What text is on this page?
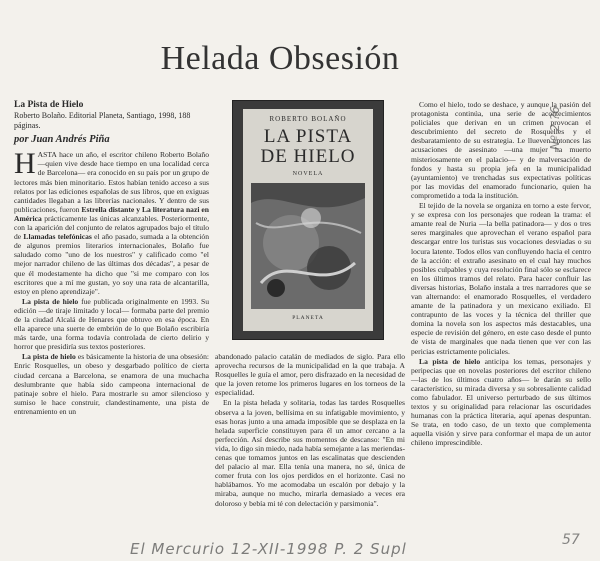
Helada Obsesión
La Pista de Hielo

Roberto Bolaño. Editorial Planeta, Santiago, 1998, 188 páginas.

por Juan Andrés Piña

HASTA hace un año, el escritor chileno Roberto Bolaño —quien vive desde hace tiempo en una localidad cerca de Barcelona— era conocido en su país por un grupo de lectores más bien minoritario. Estos habían tenido acceso a sus relatos por las ediciones españolas de sus libros, que en exiguas cantidades llegaban a las librerías nacionales. Y dentro de sus publicaciones, fueron Estrella distante y La literatura nazi en América prácticamente las únicas alcanzables. Posteriormente, con la aparición del conjunto de relatos agrupados bajo el título de Llamadas telefónicas el año pasado, sumada a la obtención de algunos premios literarios internacionales, Bolaño fue saludado como "uno de los nuestros" y calificado como "el mejor narrador chileno de las últimas dos décadas", a pesar de que él modestamente ha dicho que "si me comparo con los escritores que a mí me gustan, yo soy una rata de alcantarilla, estoy en pleno aprendizaje".

La pista de hielo fue publicada originalmente en 1993. Su edición —de tiraje limitado y local— formaba parte del premio de la ciudad Alcalá de Henares que obtuvo en esa época. En ella aparece una suerte de embrión de lo que Bolaño escribiría más tarde, una forma todavía controlada de cierto delirio y horror que presidiría sus textos posteriores.

La pista de hielo es básicamente la historia de una obsesión: Enric Rosquelles, un obeso y desgarbado político de cierta ciudad cercana a Barcelona, se enamora de una muchacha deslumbrante que había sido campeona internacional de patinaje sobre el hielo. Para mostrarle su amor silencioso y sumiso le hace construir, clandestinamente, una pista de entrenamiento en un

ROBERTO BOLAÑO
LA PISTA
DE HIELO
NOVELA
PLANETA

abandonado palacio catalán de mediados de siglo. Para ello aprovecha recursos de la municipalidad en la que trabaja. A Rosquelles le guía el amor, pero disfrazado en la necesidad de que la joven retome los primeros lugares en los torneos de la especialidad.

En la pista helada y solitaria, todas las tardes Rosquelles observa a la joven, bellísima en su infatigable movimiento, y esas horas junto a una amada imposible que se desplaza en la helada superficie constituyen para él un amor cercano a la perfección. Así describe sus momentos de descanso: "En mi vida, lo digo sin miedo, nada había semejante a las meriendas-cenas que tomamos juntos en las escalinatas que descienden del palacio al mar. Ella tenía una manera, no sé, única de comer fruta con los ojos perdidos en el horizonte. Casi no hablábamos. Yo me acomodaba un escalón por debajo y la miraba, aunque no mucho, mirarla demasiado a veces era doloroso y bebía mi té con delectación y parsimonia".

Como el hielo, todo se deshace, y aunque la pasión del protagonista continúa, una serie de acontecimientos policiales que derivan en un crimen provocan el descubrimiento del secreto de Rosquelles y el desbaratamiento de su estrategia. Le llueven entonces las acusaciones de asesinato —una mujer ha muerto misteriosamente en el palacio— y de malversación de fondos y hasta su propia jefa en la municipalidad (ayuntamiento) ve trenchadas sus expectativas políticas por las movidas del enamorado funcionario, quien ha comprometido a toda la institución.

El tejido de la novela se organiza en torno a este fervor, y se expresa con los personajes que rodean la trama: el amante real de Nuria —la bella patinadora— y dos o tres seres marginales que aprovechan el verano español para descargar entre los turistas sus vocaciones desviadas o su locura latente. Todos ellos van confluyendo hacia el centro de la acción: el extraño asesinato en el cual hay muchos posibles culpables y cuya resolución final sólo se esclarece en los últimos tramos del relato. Para hacer confluir las diversas historias, Bolaño instala a tres narradores que se van alternando: el enamorado Rosquelles, el verdadero amante de la patinadora y un mexicano exiliado. El contrapunto de las voces y la técnica del thriller que domina la novela son los aspectos más destacables, una especie de revisión del género, en este caso desde el punto de vista de marginales que nada tienen que ver con las pericias estrictamente policiales.

La pista de hielo anticipa los temas, personajes y peripecias que en novelas posteriores del escritor chileno —las de los últimos cuatro años— le darán su sello característico, su mirada diversa y su sobresaliente calidad como fabulador. El universo perturbado de sus últimos textos y su originalidad para relacionar las oscuridades humanas con la práctica literaria, aquí apenas despuntan. Se trata, en todo caso, de un texto que complementa aquella visión y sirve para conformar el mapa de un autor chileno imprescindible.

Nº 2 ?6
El Mercurio 12-XII-1998 P. 2 Supl	57
